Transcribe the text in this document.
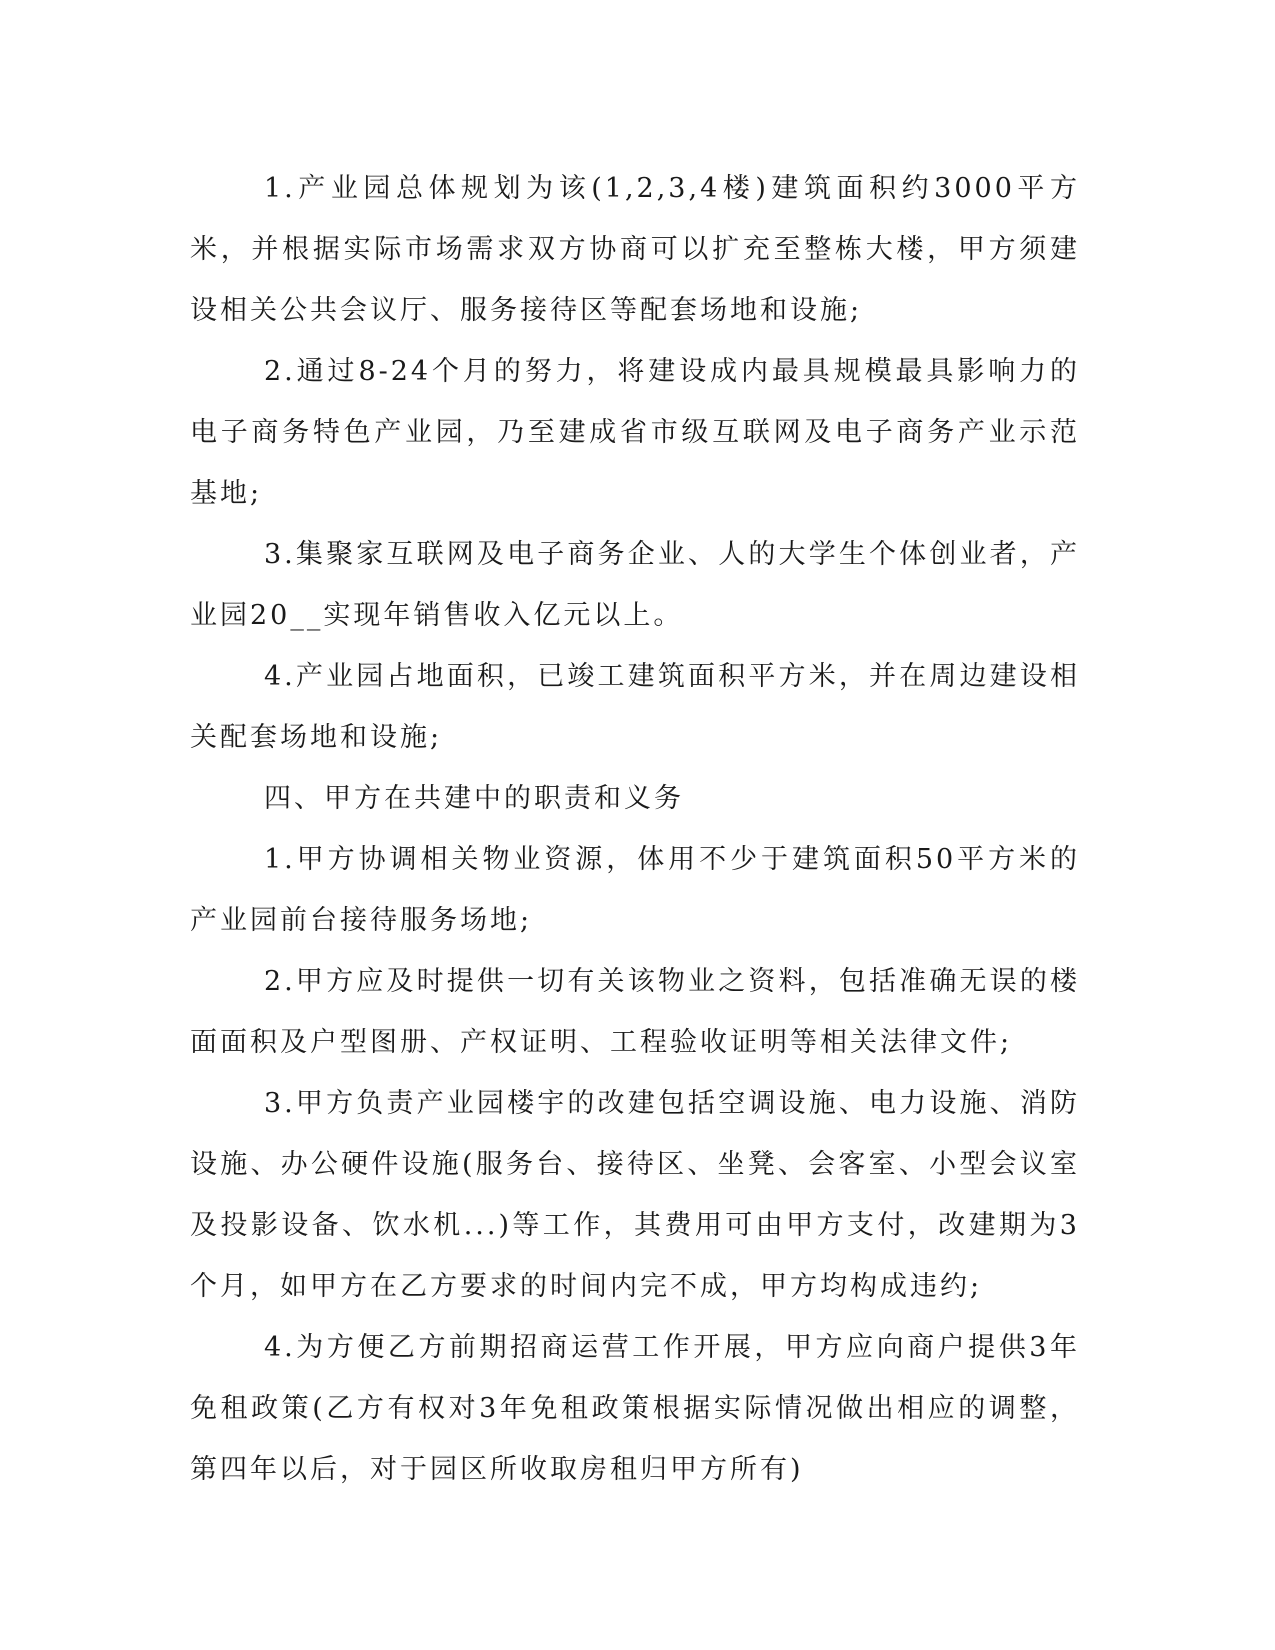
1.产业园总体规划为该(1,2,3,4楼)建筑面积约3000平方米，并根据实际市场需求双方协商可以扩充至整栋大楼，甲方须建设相关公共会议厅、服务接待区等配套场地和设施;

2.通过8-24个月的努力，将建设成内最具规模最具影响力的电子商务特色产业园，乃至建成省市级互联网及电子商务产业示范基地;

3.集聚家互联网及电子商务企业、人的大学生个体创业者，产业园20__实现年销售收入亿元以上。

4.产业园占地面积，已竣工建筑面积平方米，并在周边建设相关配套场地和设施;

四、甲方在共建中的职责和义务

1.甲方协调相关物业资源，体用不少于建筑面积50平方米的产业园前台接待服务场地;

2.甲方应及时提供一切有关该物业之资料，包括准确无误的楼面面积及户型图册、产权证明、工程验收证明等相关法律文件;

3.甲方负责产业园楼宇的改建包括空调设施、电力设施、消防设施、办公硬件设施(服务台、接待区、坐凳、会客室、小型会议室及投影设备、饮水机...)等工作，其费用可由甲方支付，改建期为3个月，如甲方在乙方要求的时间内完不成，甲方均构成违约;

4.为方便乙方前期招商运营工作开展，甲方应向商户提供3年免租政策(乙方有权对3年免租政策根据实际情况做出相应的调整，第四年以后，对于园区所收取房租归甲方所有)
